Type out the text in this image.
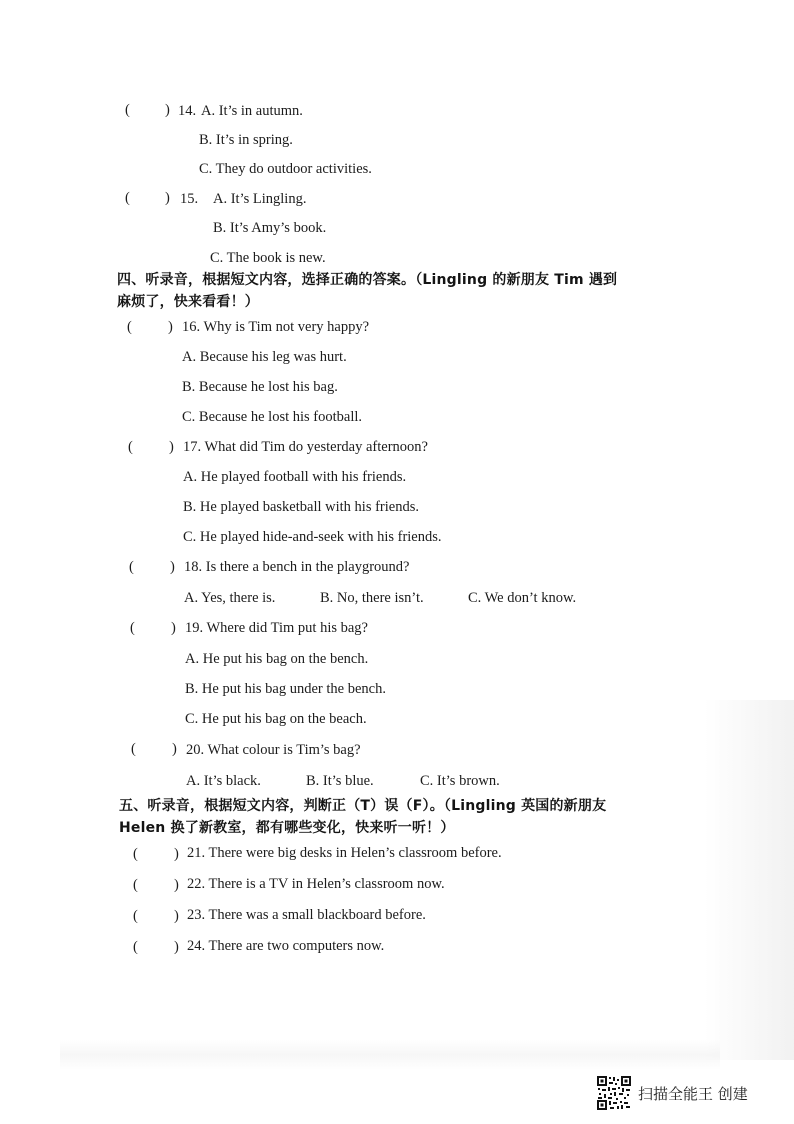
( ) 14. A. It’s in autumn.
B. It’s in spring.
C. They do outdoor activities.
( ) 15. A. It’s Lingling.
B. It’s Amy’s book.
C. The book is new.
四、听录音，根据短文内容，选择正确的答案。（Lingling 的新朋友 Tim 遇到
麻烦了，快来看看！）
( ) 16. Why is Tim not very happy?
A. Because his leg was hurt.
B. Because he lost his bag.
C. Because he lost his football.
( ) 17. What did Tim do yesterday afternoon?
A. He played football with his friends.
B. He played basketball with his friends.
C. He played hide-and-seek with his friends.
( ) 18. Is there a bench in the playground?
A. Yes, there is.	B. No, there isn’t.	C. We don’t know.
( ) 19. Where did Tim put his bag?
A. He put his bag on the bench.
B. He put his bag under the bench.
C. He put his bag on the beach.
( ) 20. What colour is Tim’s bag?
A. It’s black.	B. It’s blue.	C. It’s brown.
五、听录音，根据短文内容，判断正（T）误（F）。（Lingling 英国的新朋友
Helen 换了新教室，都有哪些变化，快来听一听！）
( ) 21. There were big desks in Helen’s classroom before.
( ) 22. There is a TV in Helen’s classroom now.
( ) 23. There was a small blackboard before.
( ) 24. There are two computers now.
扫描全能王 创建
